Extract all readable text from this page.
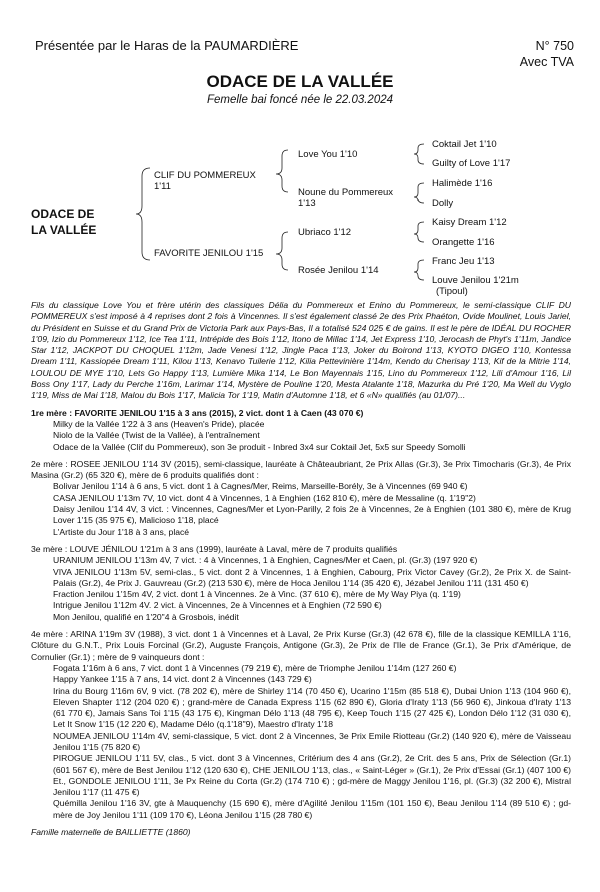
Présentée par le Haras de la PAUMARDIÈRE	N° 750
Avec TVA
ODACE DE LA VALLÉE
Femelle bai foncé née le 22.03.2024
ODACE DE
LA VALLÉE
CLIF DU POMMEREUX
1'11
FAVORITE JENILOU 1'15
Love You 1'10
Noune du Pommereux
1'13
Ubriaco 1'12
Rosée Jenilou 1'14
Coktail Jet 1'10
Guilty of Love 1'17
Halimède 1'16
Dolly
Kaisy Dream 1'12
Orangette 1'16
Franc Jeu 1'13
Louve Jenilou 1'21m
(Tipoul)

Fils du classique Love You et frère utérin des classiques Délia du Pommereux et Enino du Pommereux, le semi-classique CLIF DU POMMEREUX s'est imposé à 4 reprises dont 2 fois à Vincennes. Il s'est également classé 2e des Prix Phaéton, Ovide Moulinet, Louis Jariel, du Président en Suisse et du Grand Prix de Victoria Park aux Pays-Bas, Il a totalisé 524 025 € de gains. Il est le père de IDÉAL DU ROCHER 1'09, Izio du Pommereux 1'12, Ice Tea 1'11, Intrépide des Bois 1'12, Itono de Millac 1'14, Jet Express 1'10, Jerocash de Phyt's 1'11m, Jandice Star 1'12, JACKPOT DU CHOQUEL 1'12m, Jade Venesi 1'12, Jingle Paca 1'13, Joker du Boirond 1'13, KYOTO DIGEO 1'10, Kontessa Dream 1'11, Kassiopée Dream 1'11, Kilou 1'13, Kenavo Tuilerie 1'12, Kilia Pettevinière 1'14m, Kendo du Cherisay 1'13, Kif de la Mitrie 1'14, LOULOU DE MYE 1'10, Lets Go Happy 1'13, Lumière Mika 1'14, Le Bon Mayennais 1'15, Lino du Pommereux 1'12, Lili d'Amour 1'16, Lil Boss Ony 1'17, Lady du Perche 1'16m, Larimar 1'14, Mystère de Pouline 1'20, Mesta Atalante 1'18, Mazurka du Pré 1'20, Ma Well du Vyglo 1'19, Miss de Mai 1'18, Malou du Bois 1'17, Malicia Tor 1'19, Matin d'Automne 1'18, et 6 «N» qualifiés (au 01/07)...

1re mère : FAVORITE JENILOU 1'15 à 3 ans (2015), 2 vict. dont 1 à Caen (43 070 €)

Milky de la Vallée 1'22 à 3 ans (Heaven's Pride), placée

Niolo de la Vallée (Twist de la Vallée), à l'entraînement

Odace de la Vallée (Clif du Pommereux), son 3e produit - Inbred 3x4 sur Coktail Jet, 5x5 sur Speedy Somolli

2e mère : ROSEE JENILOU 1'14 3V (2015), semi-classique, lauréate à Châteaubriant, 2e Prix Allas (Gr.3), 3e Prix Timocharis (Gr.3), 4e Prix Masina (Gr.2) (65 320 €), mère de 6 produits qualifiés dont :

Bolivar Jenilou 1'14 à 6 ans, 5 vict. dont 1 à Cagnes/Mer, Reims, Marseille-Borély, 3e à Vincennes (69 940 €)

CASA JENILOU 1'13m 7V, 10 vict. dont 4 à Vincennes, 1 à Enghien (162 810 €), mère de Messaline (q. 1'19"2)

Daisy Jenilou 1'14 4V, 3 vict. : Vincennes, Cagnes/Mer et Lyon-Parilly, 2 fois 2e à Vincennes, 2e à Enghien (101 380 €), mère de Krug Lover 1'15 (35 975 €), Malicioso 1'18, placé

L'Artiste du Jour 1'18 à 3 ans, placé

3e mère : LOUVE JÉNILOU 1'21m à 3 ans (1999), lauréate à Laval, mère de 7 produits qualifiés

URANIUM JENILOU 1'13m 4V, 7 vict. : 4 à Vincennes, 1 à Enghien, Cagnes/Mer et Caen, pl. (Gr.3) (197 920 €)

VIVA JENILOU 1'13m 5V, semi-clas., 5 vict. dont 2 à Vincennes, 1 à Enghien, Cabourg, Prix Victor Cavey (Gr.2), 2e Prix X. de Saint-Palais (Gr.2), 4e Prix J. Gauvreau (Gr.2) (213 530 €), mère de Hoca Jenilou 1'14 (35 420 €), Jézabel Jenilou 1'11 (131 450 €)

Fraction Jenilou 1'15m 4V, 2 vict. dont 1 à Vincennes. 2e à Vinc. (37 610 €), mère de My Way Piya (q. 1'19)

Intrigue Jenilou 1'12m 4V. 2 vict. à Vincennes, 2e à Vincennes et à Enghien (72 590 €)

Mon Jenilou, qualifié en 1'20"4 à Grosbois, inédit

4e mère : ARINA 1'19m 3V (1988), 3 vict. dont 1 à Vincennes et à Laval, 2e Prix Kurse (Gr.3) (42 678 €), fille de la classique KEMILLA 1'16, Clôture du G.N.T., Prix Louis Forcinal (Gr.2), Auguste François, Antigone (Gr.3), 2e Prix de l'Ile de France (Gr.1), 3e Prix d'Amérique, de Cornulier (Gr.1) ; mère de 9 vainqueurs dont :

Fogata 1'16m à 6 ans, 7 vict. dont 1 à Vincennes (79 219 €), mère de Triomphe Jenilou 1'14m (127 260 €)

Happy Yankee 1'15 à 7 ans, 14 vict. dont 2 à Vincennes (143 729 €)

Irina du Bourg 1'16m 6V, 9 vict. (78 202 €), mère de Shirley 1'14 (70 450 €), Ucarino 1'15m (85 518 €), Dubai Union 1'13 (104 960 €), Eleven Shapter 1'12 (204 020 €) ; grand-mère de Canada Express 1'15 (62 890 €), Gloria d'Iraty 1'13 (56 960 €), Jinkoua d'Iraty 1'13 (61 770 €), Jamais Sans Toi 1'15 (43 175 €), Kingman Délo 1'13 (48 795 €), Keep Touch 1'15 (27 425 €), London Délo 1'12 (31 030 €), Let It Snow 1'15 (12 220 €), Madame Délo (q.1'18"9), Maestro d'Iraty 1'18

NOUMEA JENILOU 1'14m 4V, semi-classique, 5 vict. dont 2 à Vincennes, 3e Prix Emile Riotteau (Gr.2) (140 920 €), mère de Vaisseau Jenilou 1'15 (75 820 €)

PIROGUE JENILOU 1'11 5V, clas., 5 vict. dont 3 à Vincennes, Critérium des 4 ans (Gr.2), 2e Crit. des 5 ans, Prix de Sélection (Gr.1) (601 567 €), mère de Best Jenilou 1'12 (120 630 €), CHE JENILOU 1'13, clas., « Saint-Léger » (Gr.1), 2e Prix d'Essai (Gr.1) (407 100 €) Et., GONDOLE JENILOU 1'11, 3e Px Reine du Corta (Gr.2) (174 710 €) ; gd-mère de Maggy Jenilou 1'16, pl. (Gr.3) (32 200 €), Mistral Jenilou 1'17 (11 475 €)

Quémilla Jenilou 1'16 3V, gte à Mauquenchy (15 690 €), mère d'Agilité Jenilou 1'15m (101 150 €), Beau Jenilou 1'14 (89 510 €) ; gd-mère de Joy Jenilou 1'11 (109 170 €), Léona Jenilou 1'15 (28 780 €)

Famille maternelle de BAILLIETTE (1860)
